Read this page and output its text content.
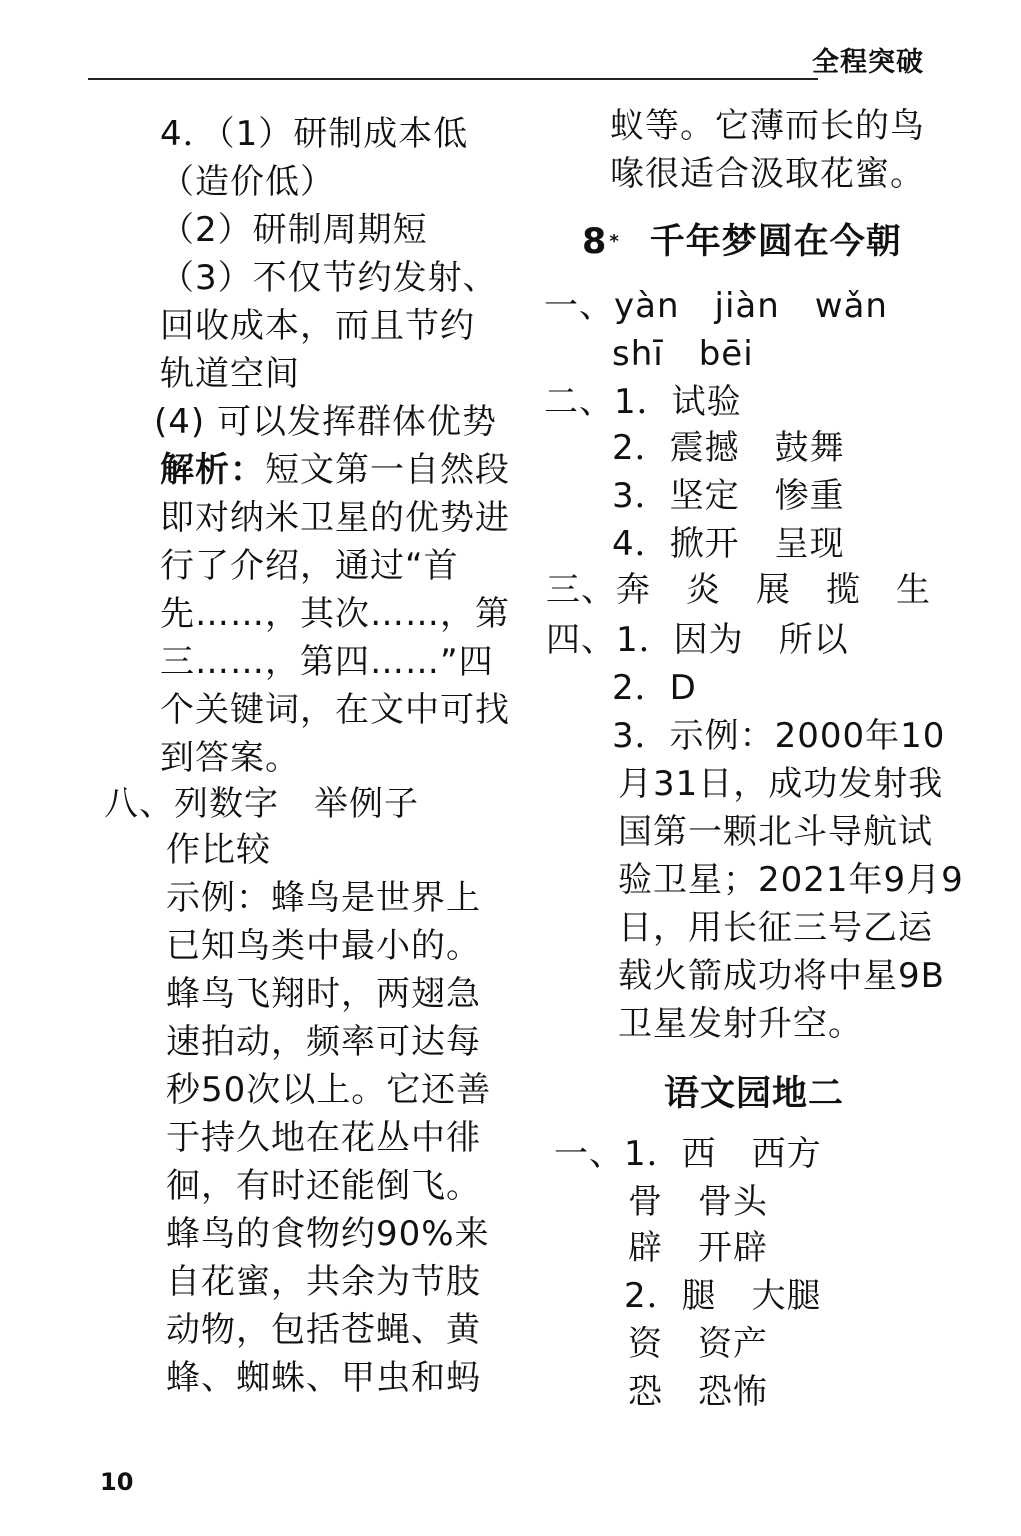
全程突破
4．（1）研制成本低
（造价低）
（2）研制周期短
（3）不仅节约发射、
回收成本，而且节约
轨道空间
(4) 可以发挥群体优势
解析：短文第一自然段
即对纳米卫星的优势进
行了介绍，通过“首
先……，其次……，第
三……，第四……”四
个关键词，在文中可找
到答案。
八、列数字　举例子
作比较
示例：蜂鸟是世界上
已知鸟类中最小的。
蜂鸟飞翔时，两翅急
速拍动，频率可达每
秒50次以上。它还善
于持久地在花丛中徘
徊，有时还能倒飞。
蜂鸟的食物约90%来
自花蜜，共余为节肢
动物，包括苍蝇、黄
蜂、蜘蛛、甲虫和蚂
蚁等。它薄而长的鸟
喙很适合汲取花蜜。
8 * 千年梦圆在今朝
一、yàn　jiàn　wǎn
shī　bēi
二、1．试验
2．震撼　鼓舞
3．坚定　惨重
4．掀开　呈现
三、奔　炎　展　揽　生
四、1．因为　所以
2．D
3．示例：2000年10
月31日，成功发射我
国第一颗北斗导航试
验卫星；2021年9月9
日，用长征三号乙运
载火箭成功将中星9B
卫星发射升空。
语文园地二
一、1．西　西方
骨　骨头
辟　开辟
2．腿　大腿
资　资产
恐　恐怖
10
